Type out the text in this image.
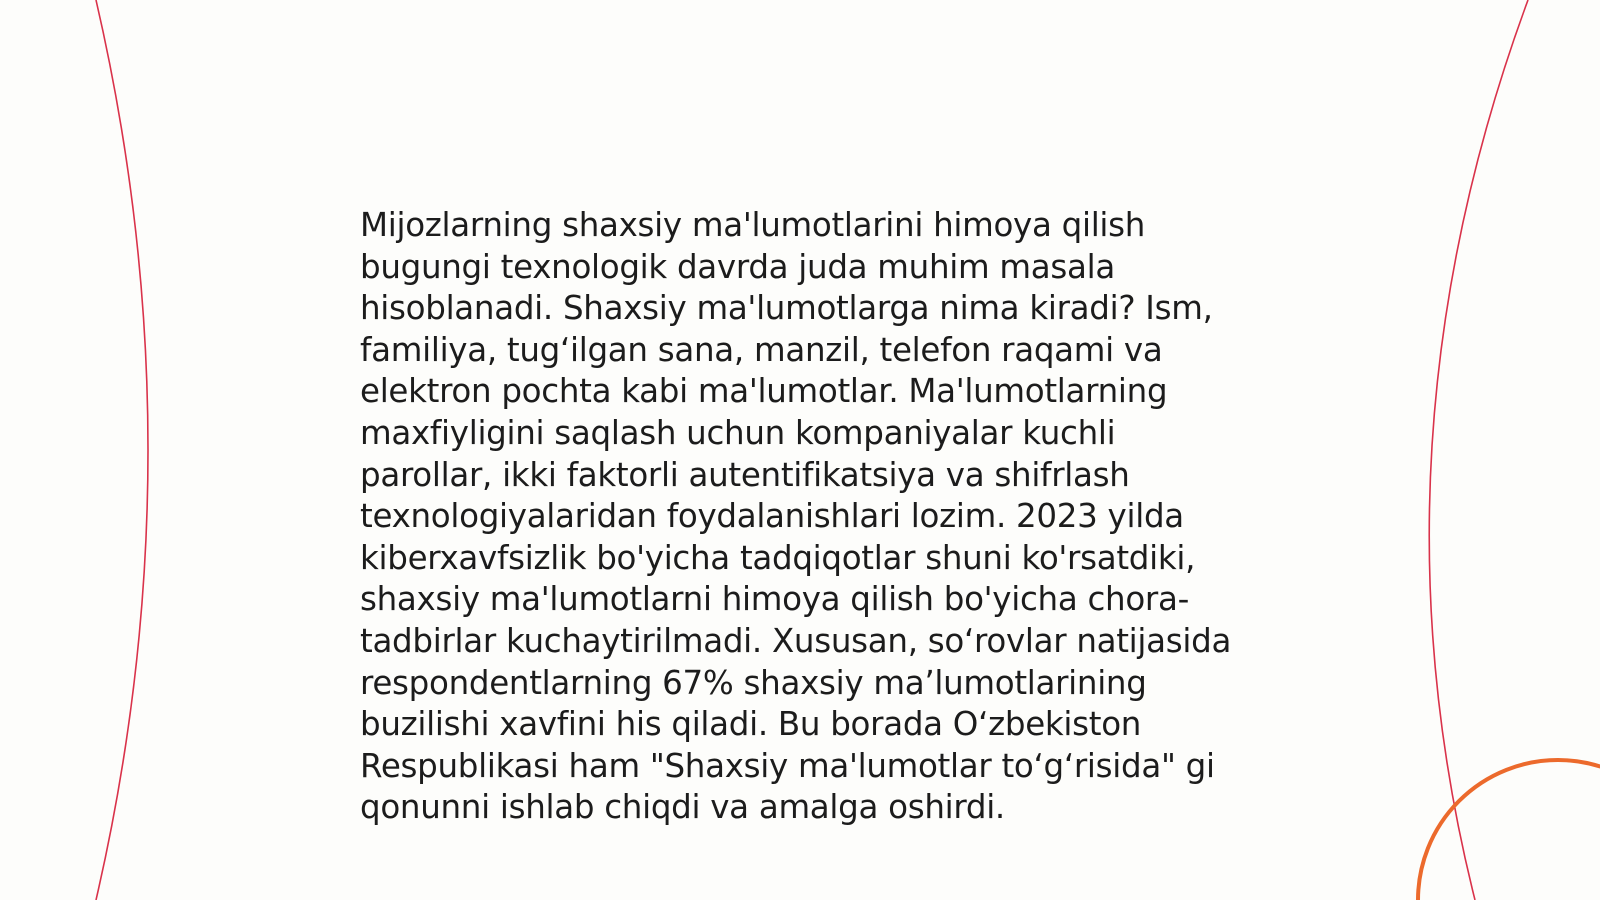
Mijozlarning shaxsiy ma'lumotlarini himoya qilish
bugungi texnologik davrda juda muhim masala
hisoblanadi. Shaxsiy ma'lumotlarga nima kiradi? Ism,
familiya, tug‘ilgan sana, manzil, telefon raqami va
elektron pochta kabi ma'lumotlar. Ma'lumotlarning
maxfiyligini saqlash uchun kompaniyalar kuchli
parollar, ikki faktorli autentifikatsiya va shifrlash
texnologiyalaridan foydalanishlari lozim. 2023 yilda
kiberxavfsizlik bo'yicha tadqiqotlar shuni ko'rsatdiki,
shaxsiy ma'lumotlarni himoya qilish bo'yicha chora-
tadbirlar kuchaytirilmadi. Xususan, so‘rovlar natijasida
respondentlarning 67% shaxsiy ma’lumotlarining
buzilishi xavfini his qiladi. Bu borada O‘zbekiston
Respublikasi ham "Shaxsiy ma'lumotlar to‘g‘risida" gi
qonunni ishlab chiqdi va amalga oshirdi.
